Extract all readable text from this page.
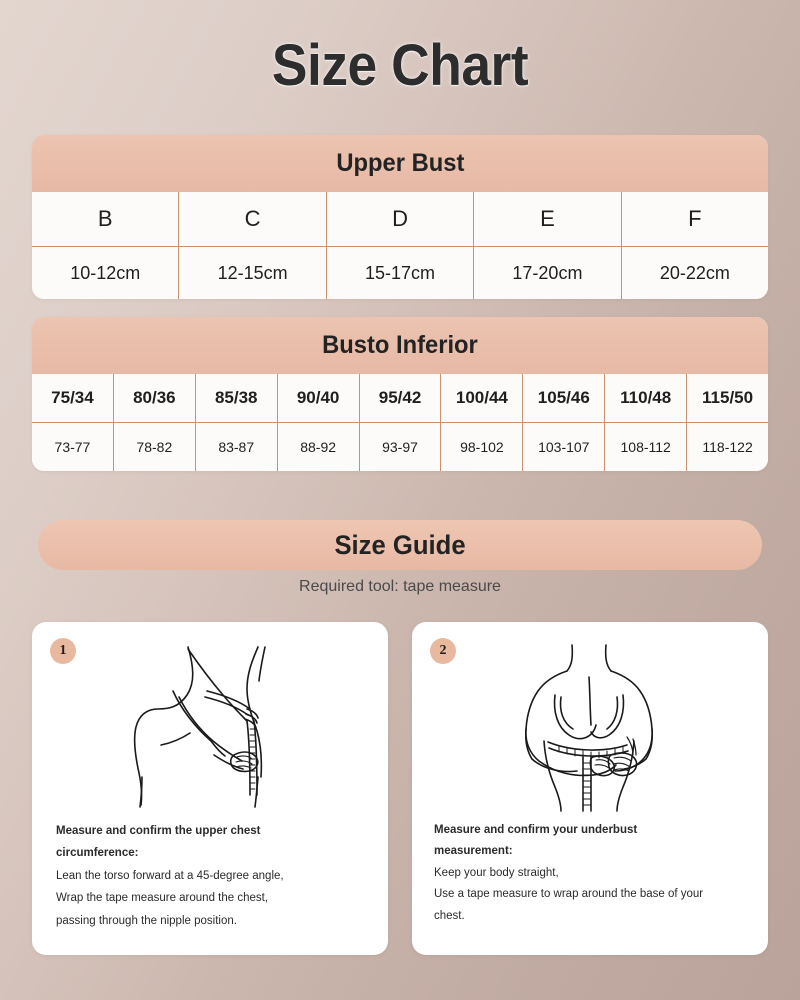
Size Chart
Upper Bust
B	C	D	E	F
10-12cm	12-15cm	15-17cm	17-20cm	20-22cm
Busto Inferior
75/34	80/36	85/38	90/40	95/42	100/44	105/46	110/48	115/50
73-77	78-82	83-87	88-92	93-97	98-102	103-107	108-112	118-122
Size Guide
Required tool: tape measure
1
Measure and confirm the upper chest
circumference:
Lean the torso forward at a 45-degree angle,
Wrap the tape measure around the chest,
passing through the nipple position.
2
Measure and confirm your underbust
measurement:
Keep your body straight,
Use a tape measure to wrap around the base of your
chest.
